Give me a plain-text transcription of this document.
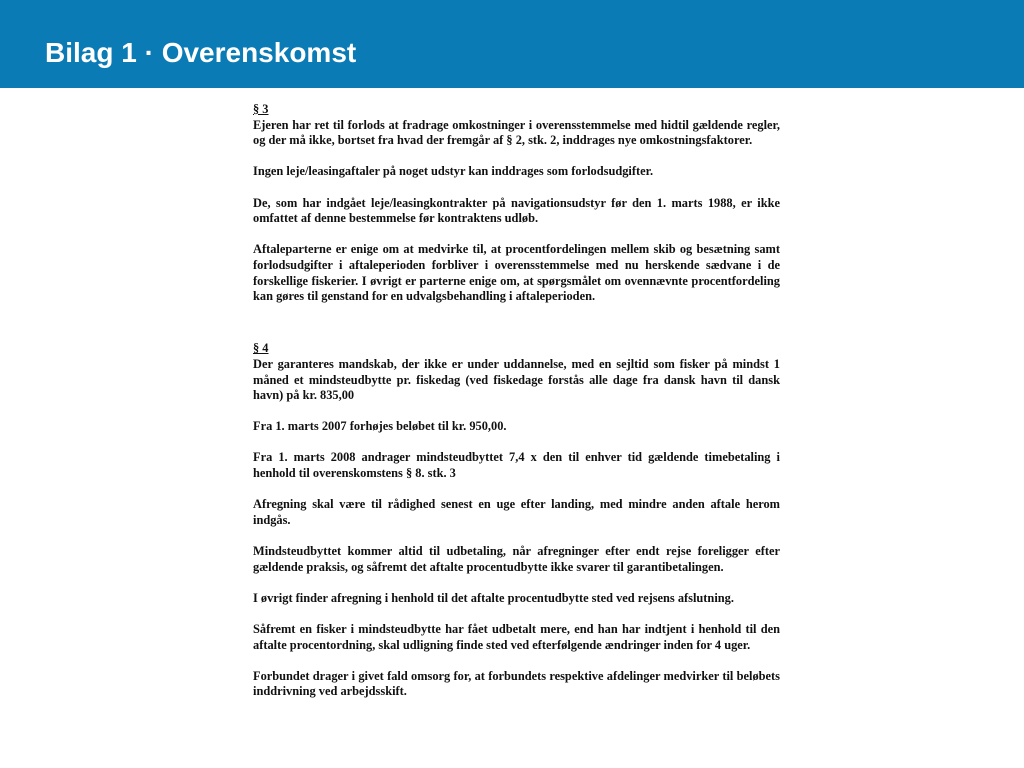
Bilag 1 · Overenskomst

§ 3

Ejeren har ret til forlods at fradrage omkostninger i overensstemmelse med hidtil gældende regler, og der må ikke, bortset fra hvad der fremgår af § 2, stk. 2, inddrages nye omkostningsfaktorer.

Ingen leje/leasingaftaler på noget udstyr kan inddrages som forlodsudgifter.

De, som har indgået leje/leasingkontrakter på navigationsudstyr før den 1. marts 1988, er ikke omfattet af denne bestemmelse før kontraktens udløb.

Aftaleparterne er enige om at medvirke til, at procentfordelingen mellem skib og besætning samt forlodsudgifter i aftaleperioden forbliver i overensstemmelse med nu herskende sædvane i de forskellige fiskerier. I øvrigt er parterne enige om, at spørgsmålet om ovennævnte procentfordeling kan gøres til genstand for en udvalgsbehandling i aftaleperioden.

§ 4

Der garanteres mandskab, der ikke er under uddannelse, med en sejltid som fisker på mindst 1 måned et mindsteudbytte pr. fiskedag (ved fiskedage forstås alle dage fra dansk havn til dansk havn) på kr. 835,00

Fra 1. marts 2007 forhøjes beløbet til kr. 950,00.

Fra 1. marts 2008 andrager mindsteudbyttet 7,4 x den til enhver tid gældende timebetaling i henhold til overenskomstens § 8. stk. 3

Afregning skal være til rådighed senest en uge efter landing, med mindre anden aftale herom indgås.

Mindsteudbyttet kommer altid til udbetaling, når afregninger efter endt rejse foreligger efter gældende praksis, og såfremt det aftalte procentudbytte ikke svarer til garantibetalingen.

I øvrigt finder afregning i henhold til det aftalte procentudbytte sted ved rejsens afslutning.

Såfremt en fisker i mindsteudbytte har fået udbetalt mere, end han har indtjent i henhold til den aftalte procentordning, skal udligning finde sted ved efterfølgende ændringer inden for 4 uger.

Forbundet drager i givet fald omsorg for, at forbundets respektive afdelinger medvirker til beløbets inddrivning ved arbejdsskift.
